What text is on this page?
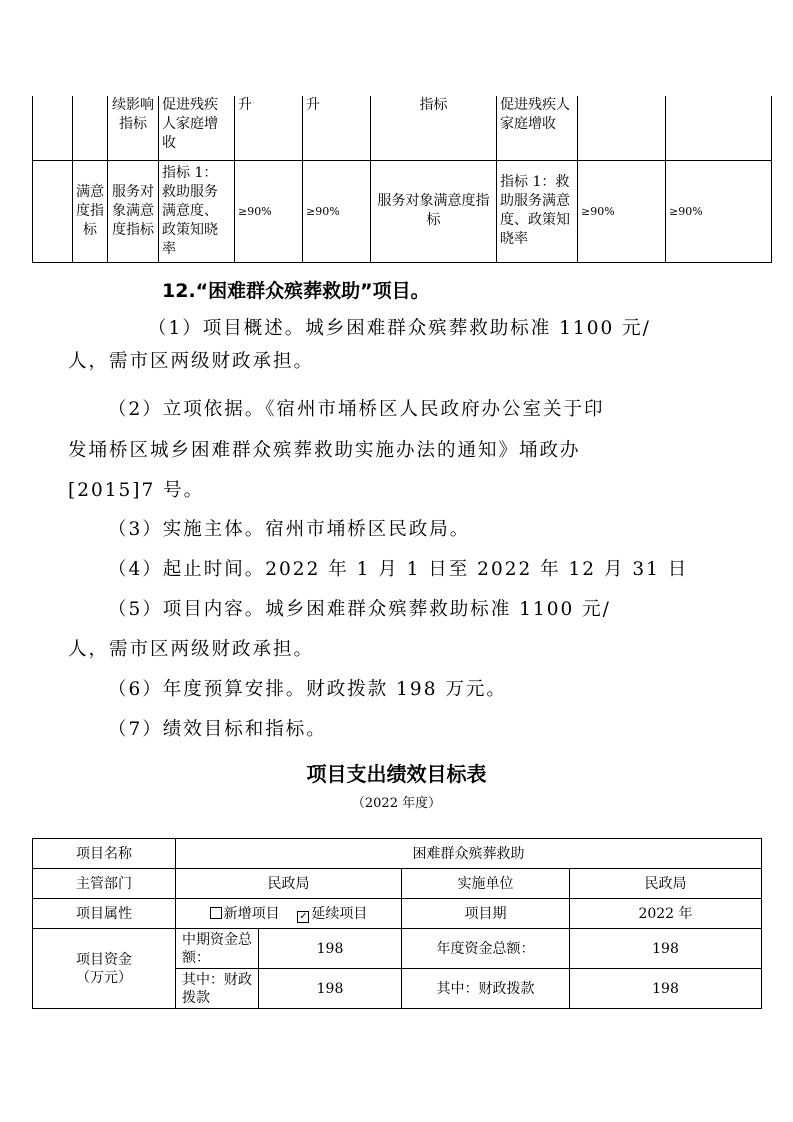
		续影响指标	促进残疾人家庭增收	升	升	指标	促进残疾人家庭增收		
	满意度指标	服务对象满意度指标	指标 1：救助服务满意度、政策知晓率	≥90%	≥90%	服务对象满意度指标	指标 1：救助服务满意度、政策知晓率	≥90%	≥90%
12.“困难群众殡葬救助”项目。
（1）项目概述。城乡困难群众殡葬救助标准 1100 元/
人，需市区两级财政承担。
（2）立项依据。《宿州市埇桥区人民政府办公室关于印
发埇桥区城乡困难群众殡葬救助实施办法的通知》埇政办
[2015]7 号。
（3）实施主体。宿州市埇桥区民政局。
（4）起止时间。2022 年 1 月 1 日至 2022 年 12 月 31 日
（5）项目内容。城乡困难群众殡葬救助标准 1100 元/
人，需市区两级财政承担。
（6）年度预算安排。财政拨款 198 万元。
（7）绩效目标和指标。
项目支出绩效目标表
（2022 年度）
项目名称	困难群众殡葬救助			
主管部门	民政局		实施单位	民政局
项目属性	新增项目 ✓ 延续项目		项目期	2022 年

项目资金
（万元）	中期资金总额：	198	年度资金总额：	198
	其中：财政拨款	198	其中：财政拨款	198
